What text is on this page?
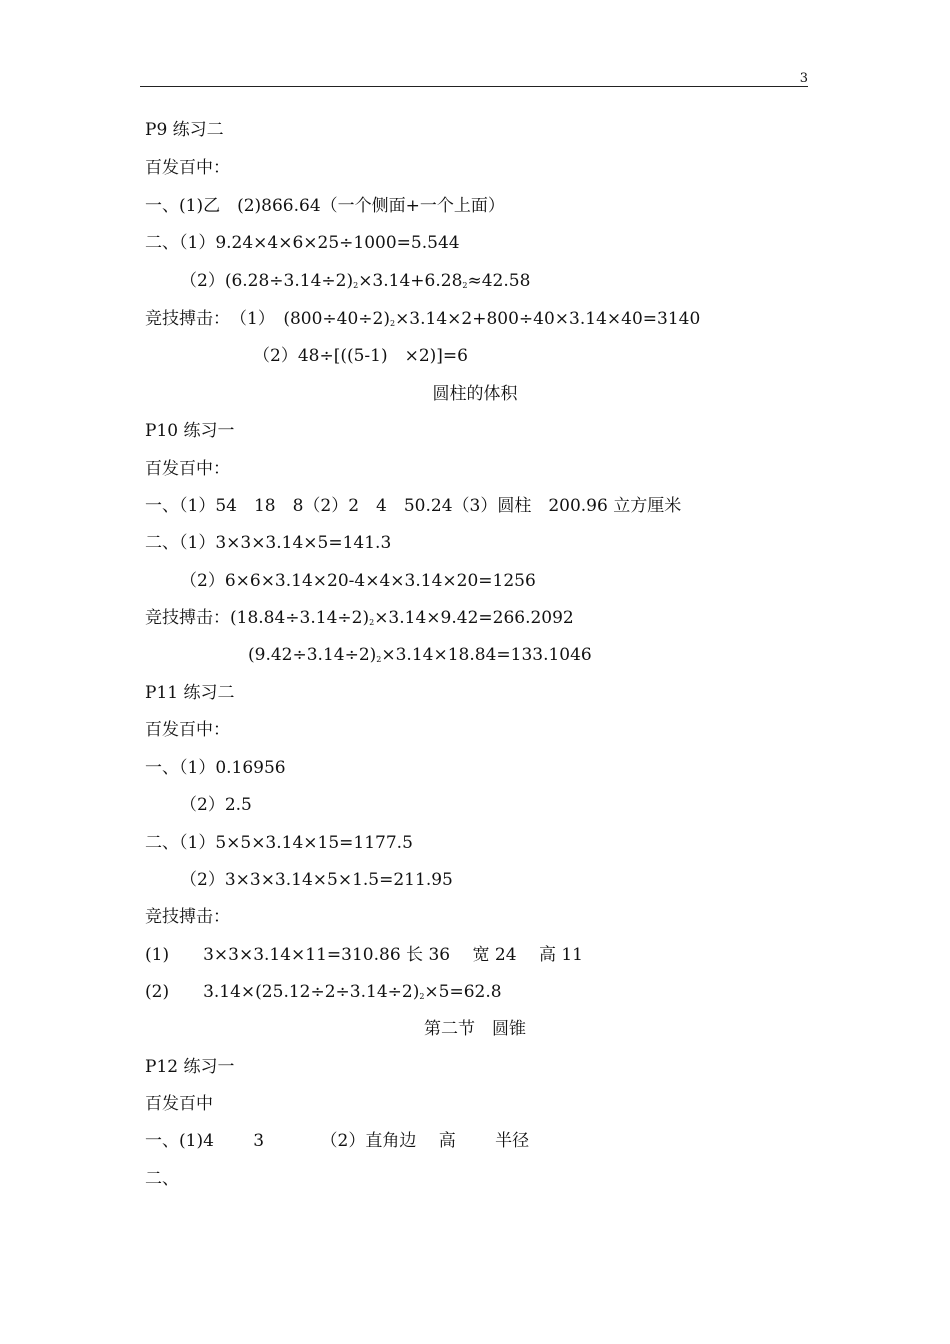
3
P9 练习二
百发百中：
一、(1)乙　(2)866.64（一个侧面+一个上面）
二、（1）9.24×4×6×25÷1000=5.544
$(2)(6.28\div 3.14\div 2)_2\times 3.14+6.28_2\approx 42.58$
竞技搏击：　（1）　$(800\div 40\div 2)_2\times 3.14\times 2+800\div 40\times 3.14\times 40=3140$
（2）48÷[((5-1)　×2)]=6
圆柱的体积
P10 练习一
百发百中：
一、（1）54　18　8（2）2　4　50.24（3）圆柱　200.96 立方厘米
二、（1）3×3×3.14×5=141.3
（2）6×6×3.14×20-4×4×3.14×20=1256
竞技搏击：$(18.84\div 3.14\div 2)_2\times 3.14\times 9.42=266.2092$
$(9.42\div 3.14\div 2)_2\times 3.14\times 18.84=133.1046$
P11 练习二
百发百中：
一、（1）0.16956
（2）2.5
二、（1）5×5×3.14×15=1177.5
（2）3×3×3.14×5×1.5=211.95
竞技搏击：
(1)　　3×3×3.14×11=310.86 长 36　 宽 24　 高 11
(2)　　$3.14\times(25.12\div 2\div 3.14\div 2)_2\times 5=62.8$
第二节　圆锥
P12 练习一
百发百中
一、(1)4　　 3　　　 （2）直角边　 高　　 半径
二、
